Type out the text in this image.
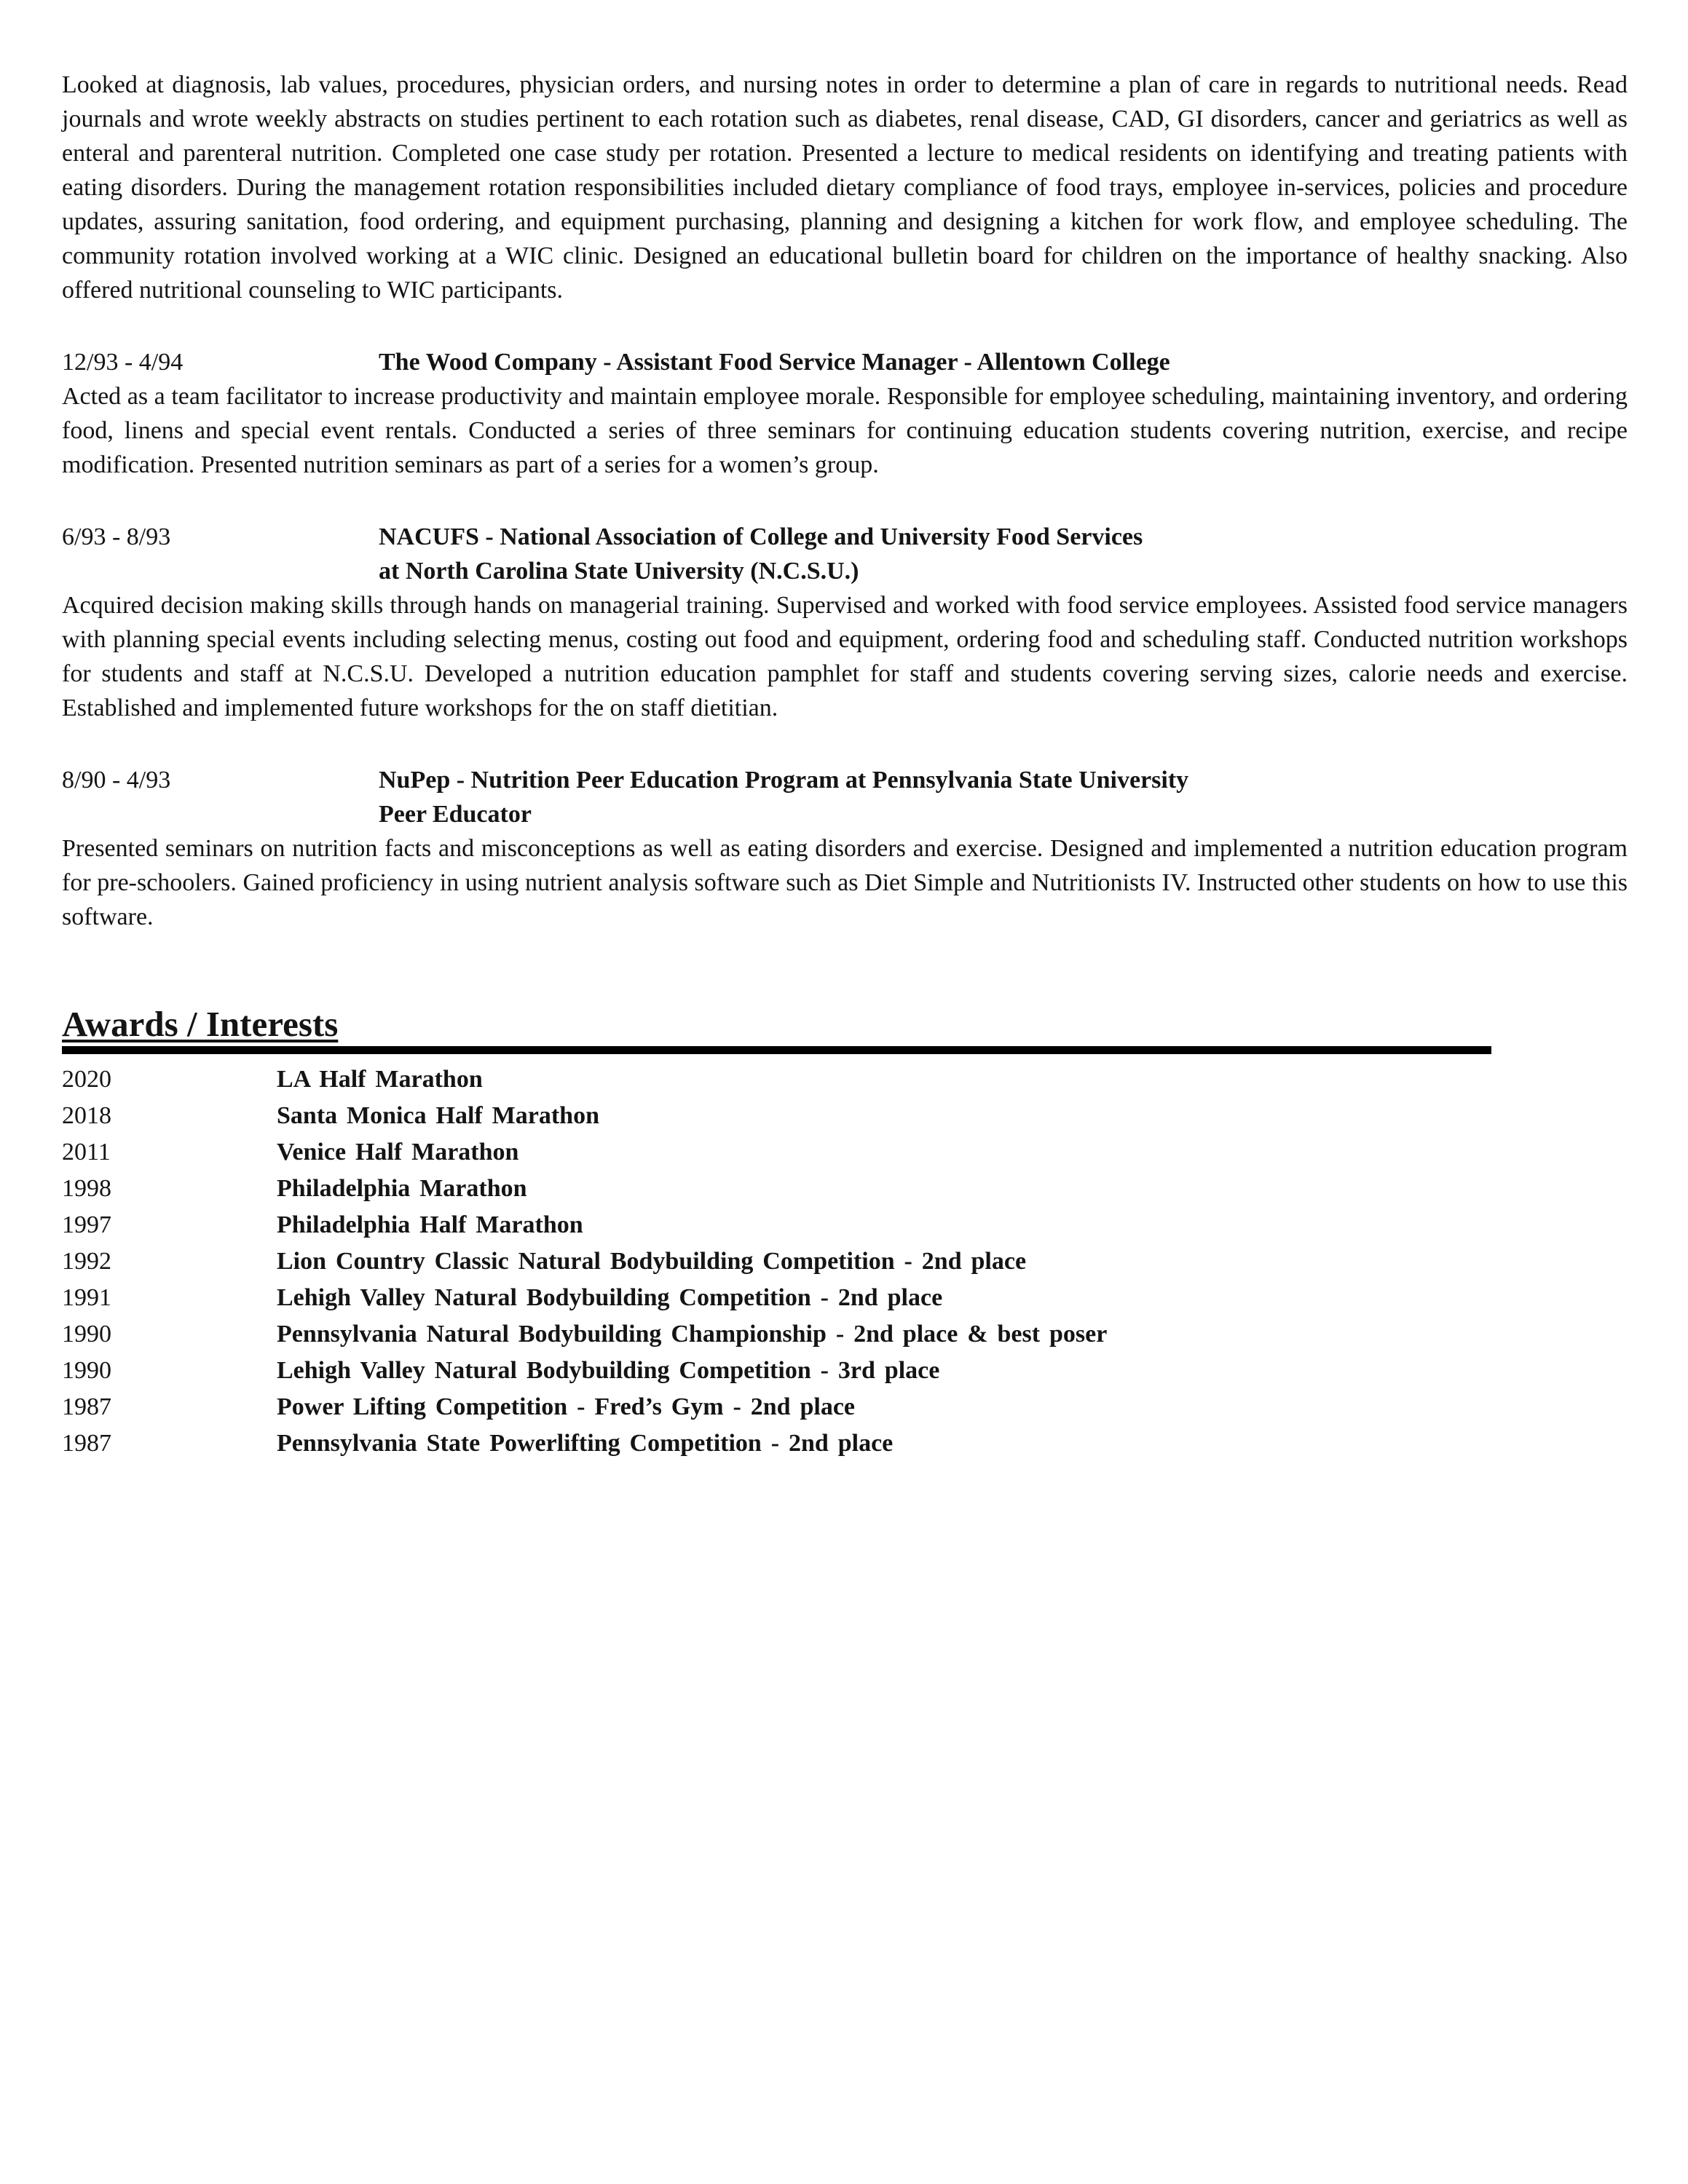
Looked at diagnosis, lab values, procedures, physician orders, and nursing notes in order to determine a plan of care in regards to nutritional needs. Read journals and wrote weekly abstracts on studies pertinent to each rotation such as diabetes, renal disease, CAD, GI disorders, cancer and geriatrics as well as enteral and parenteral nutrition. Completed one case study per rotation. Presented a lecture to medical residents on identifying and treating patients with eating disorders. During the management rotation responsibilities included dietary compliance of food trays, employee in-services, policies and procedure updates, assuring sanitation, food ordering, and equipment purchasing, planning and designing a kitchen for work flow, and employee scheduling. The community rotation involved working at a WIC clinic. Designed an educational bulletin board for children on the importance of healthy snacking. Also offered nutritional counseling to WIC participants.

12/93 - 4/94	The Wood Company - Assistant Food Service Manager - Allentown College

Acted as a team facilitator to increase productivity and maintain employee morale. Responsible for employee scheduling, maintaining inventory, and ordering food, linens and special event rentals. Conducted a series of three seminars for continuing education students covering nutrition, exercise, and recipe modification. Presented nutrition seminars as part of a series for a women’s group.

6/93 - 8/93	NACUFS - National Association of College and University Food Services
at North Carolina State University (N.C.S.U.)

Acquired decision making skills through hands on managerial training. Supervised and worked with food service employees. Assisted food service managers with planning special events including selecting menus, costing out food and equipment, ordering food and scheduling staff. Conducted nutrition workshops for students and staff at N.C.S.U. Developed a nutrition education pamphlet for staff and students covering serving sizes, calorie needs and exercise. Established and implemented future workshops for the on staff dietitian.

8/90 - 4/93	NuPep - Nutrition Peer Education Program at Pennsylvania State University
Peer Educator

Presented seminars on nutrition facts and misconceptions as well as eating disorders and exercise. Designed and implemented a nutrition education program for pre-schoolers. Gained proficiency in using nutrient analysis software such as Diet Simple and Nutritionists IV. Instructed other students on how to use this software.

Awards / Interests
2020	LA Half Marathon
2018	Santa Monica Half Marathon
2011	Venice Half Marathon
1998	Philadelphia Marathon
1997	Philadelphia Half Marathon
1992	Lion Country Classic Natural Bodybuilding Competition - 2nd place
1991	Lehigh Valley Natural Bodybuilding Competition - 2nd place
1990	Pennsylvania Natural Bodybuilding Championship - 2nd place & best poser
1990	Lehigh Valley Natural Bodybuilding Competition - 3rd place
1987	Power Lifting Competition - Fred’s Gym - 2nd place
1987	Pennsylvania State Powerlifting Competition - 2nd place
